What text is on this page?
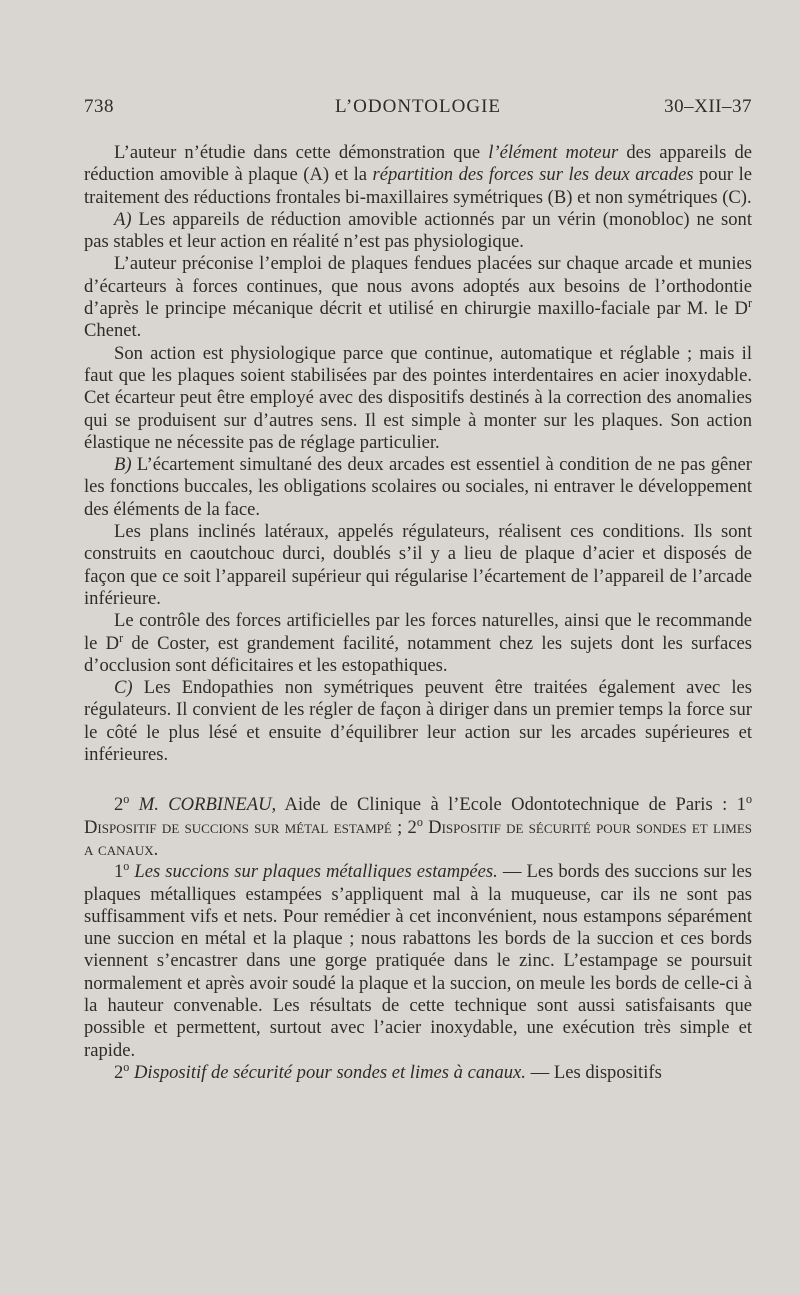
738	L’ODONTOLOGIE	30–XII–37

L’auteur n’étudie dans cette démonstration que l’élément moteur des appareils de réduction amovible à plaque (A) et la répartition des forces sur les deux arcades pour le traitement des réductions frontales bi-maxillaires symétriques (B) et non symétriques (C).

A) Les appareils de réduction amovible actionnés par un vérin (monobloc) ne sont pas stables et leur action en réalité n’est pas physiologique.

L’auteur préconise l’emploi de plaques fendues placées sur chaque arcade et munies d’écarteurs à forces continues, que nous avons adoptés aux besoins de l’orthodontie d’après le principe mécanique décrit et utilisé en chirurgie maxillo-faciale par M. le $D^r$ Chenet.

Son action est physiologique parce que continue, automatique et réglable ; mais il faut que les plaques soient stabilisées par des pointes interdentaires en acier inoxydable. Cet écarteur peut être employé avec des dispositifs destinés à la correction des anomalies qui se produisent sur d’autres sens. Il est simple à monter sur les plaques. Son action élastique ne nécessite pas de réglage particulier.

B) L’écartement simultané des deux arcades est essentiel à condition de ne pas gêner les fonctions buccales, les obligations scolaires ou sociales, ni entraver le développement des éléments de la face.

Les plans inclinés latéraux, appelés régulateurs, réalisent ces conditions. Ils sont construits en caoutchouc durci, doublés s’il y a lieu de plaque d’acier et disposés de façon que ce soit l’appareil supérieur qui régularise l’écartement de l’appareil de l’arcade inférieure.

Le contrôle des forces artificielles par les forces naturelles, ainsi que le recommande le $D^r$ de Coster, est grandement facilité, notamment chez les sujets dont les surfaces d’occlusion sont déficitaires et les estopathiques.

C) Les Endopathies non symétriques peuvent être traitées également avec les régulateurs. Il convient de les régler de façon à diriger dans un premier temps la force sur le côté le plus lésé et ensuite d’équilibrer leur action sur les arcades supérieures et inférieures.

2$^o$ M. CORBINEAU, Aide de Clinique à l’Ecole Odontotechnique de Paris : 1$^o$ Dispositif de succions sur métal estampé ; 2$^o$ Dispositif de sécurité pour sondes et limes a canaux.

1$^o$ Les succions sur plaques métalliques estampées. — Les bords des succions sur les plaques métalliques estampées s’appliquent mal à la muqueuse, car ils ne sont pas suffisamment vifs et nets. Pour remédier à cet inconvénient, nous estampons séparément une succion en métal et la plaque ; nous rabattons les bords de la succion et ces bords viennent s’encastrer dans une gorge pratiquée dans le zinc. L’estampage se poursuit normalement et après avoir soudé la plaque et la succion, on meule les bords de celle-ci à la hauteur convenable. Les résultats de cette technique sont aussi satisfaisants que possible et permettent, surtout avec l’acier inoxydable, une exécution très simple et rapide.

2$^o$ Dispositif de sécurité pour sondes et limes à canaux. — Les dispositifs
